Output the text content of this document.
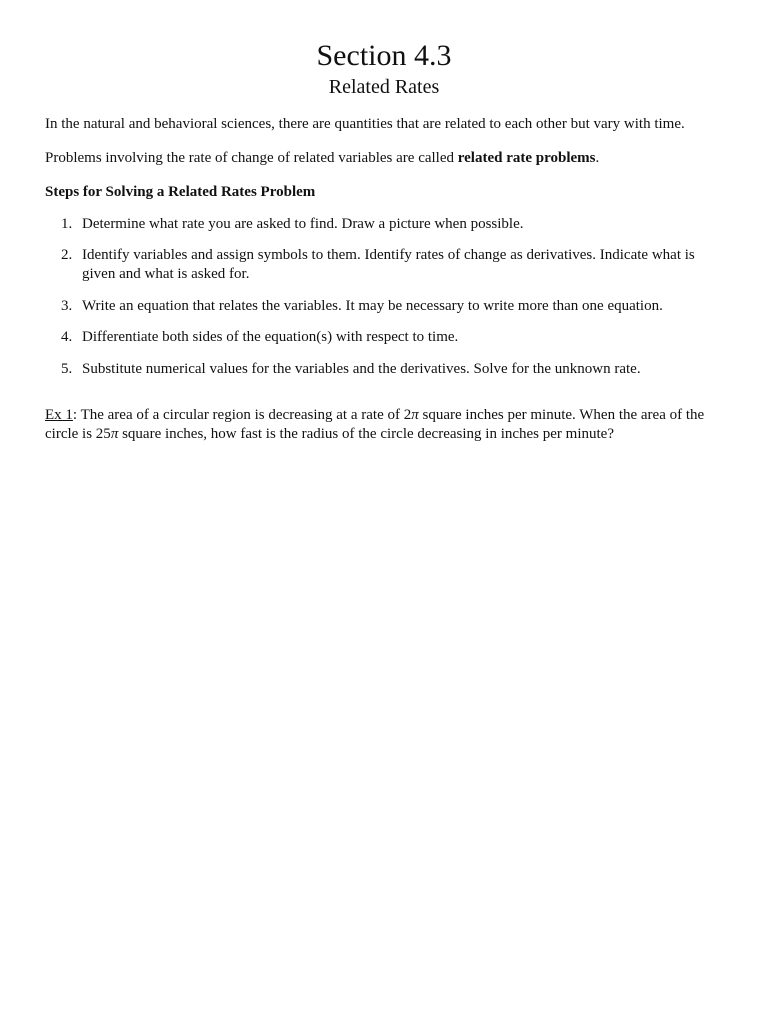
Section 4.3
Related Rates

In the natural and behavioral sciences, there are quantities that are related to each other but vary with time.

Problems involving the rate of change of related variables are called related rate problems.

Steps for Solving a Related Rates Problem

1. Determine what rate you are asked to find. Draw a picture when possible.
2. Identify variables and assign symbols to them. Identify rates of change as derivatives. Indicate what is given and what is asked for.
3. Write an equation that relates the variables. It may be necessary to write more than one equation.
4. Differentiate both sides of the equation(s) with respect to time.
5. Substitute numerical values for the variables and the derivatives. Solve for the unknown rate.

Ex 1: The area of a circular region is decreasing at a rate of 2π square inches per minute. When the area of the circle is 25π square inches, how fast is the radius of the circle decreasing in inches per minute?
